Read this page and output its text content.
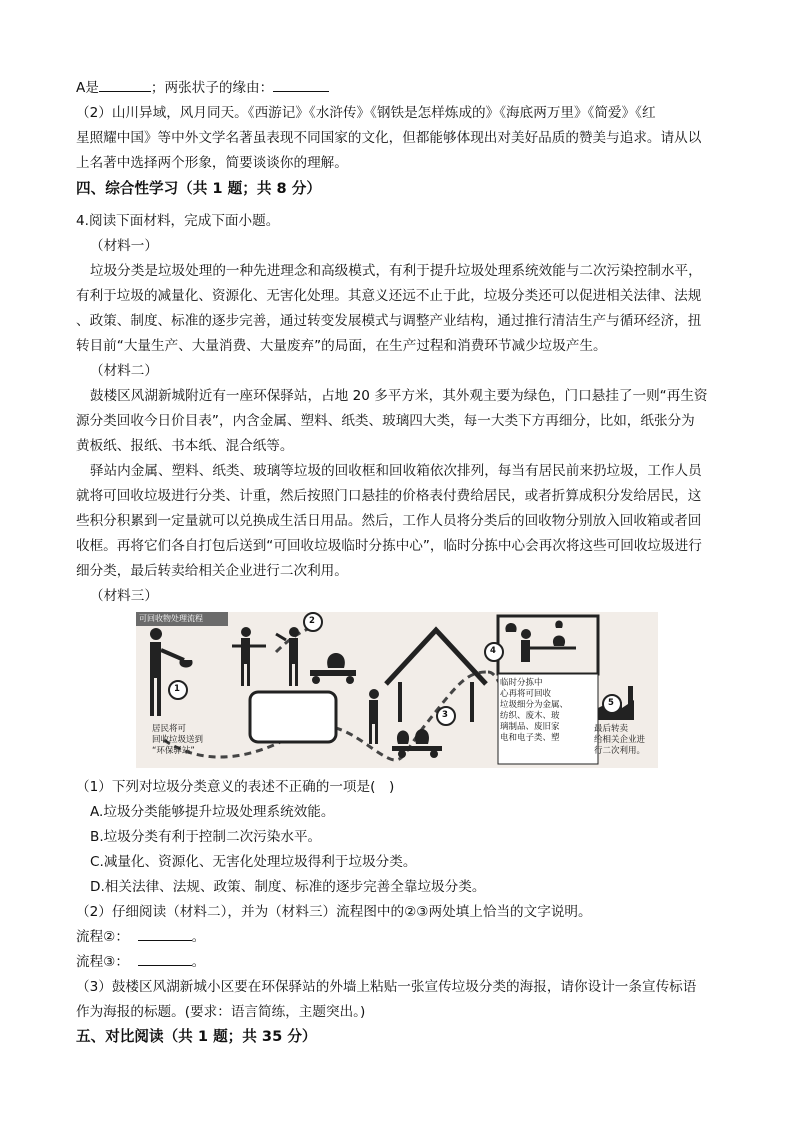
A是	；两张状子的缘由：
（2）山川异域，风月同天。《西游记》《水浒传》《钢铁是怎样炼成的》《海底两万里》《简爱》《红
星照耀中国》等中外文学名著虽表现不同国家的文化，但都能够体现出对美好品质的赞美与追求。请从以
上名著中选择两个形象，简要谈谈你的理解。
四、综合性学习（共 1 题；共 8 分）
4.阅读下面材料，完成下面小题。
（材料一）
垃圾分类是垃圾处理的一种先进理念和高级模式，有利于提升垃圾处理系统效能与二次污染控制水平，
有利于垃圾的减量化、资源化、无害化处理。其意义还远不止于此，垃圾分类还可以促进相关法律、法规
、政策、制度、标准的逐步完善，通过转变发展模式与调整产业结构，通过推行清洁生产与循环经济，扭
转目前“大量生产、大量消费、大量废弃”的局面，在生产过程和消费环节减少垃圾产生。
（材料二）
鼓楼区风湖新城附近有一座环保驿站，占地 20 多平方米，其外观主要为绿色，门口悬挂了一则“再生资
源分类回收今日价目表”，内含金属、塑料、纸类、玻璃四大类，每一大类下方再细分，比如，纸张分为
黄板纸、报纸、书本纸、混合纸等。
驿站内金属、塑料、纸类、玻璃等垃圾的回收框和回收箱依次排列，每当有居民前来扔垃圾，工作人员
就将可回收垃圾进行分类、计重，然后按照门口悬挂的价格表付费给居民，或者折算成积分发给居民，这
些积分积累到一定量就可以兑换成生活日用品。然后，工作人员将分类后的回收物分别放入回收箱或者回
收框。再将它们各自打包后送到“可回收垃圾临时分拣中心”，临时分拣中心会再次将这些可回收垃圾进行
细分类，最后转卖给相关企业进行二次利用。
（材料三）
可回收物处理流程
1
2
3
4
5
居民将可
回收垃圾送到
“环保驿站”
临时分拣中
心再将可回收
垃圾细分为金属、
纺织、废木、玻
璃制品、废旧家
电和电子类、塑
最后转卖
给相关企业进
行二次利用。
（1）下列对垃圾分类意义的表述不正确的一项是(　)
A.垃圾分类能够提升垃圾处理系统效能。
B.垃圾分类有利于控制二次污染水平。
C.减量化、资源化、无害化处理垃圾得利于垃圾分类。
D.相关法律、法规、政策、制度、标准的逐步完善全靠垃圾分类。
（2）仔细阅读（材料二），并为（材料三）流程图中的②③两处填上恰当的文字说明。
流程②：	。
流程③：	。
（3）鼓楼区风湖新城小区要在环保驿站的外墙上粘贴一张宣传垃圾分类的海报，请你设计一条宣传标语
作为海报的标题。(要求：语言简练，主题突出。)
五、对比阅读（共 1 题；共 35 分）
